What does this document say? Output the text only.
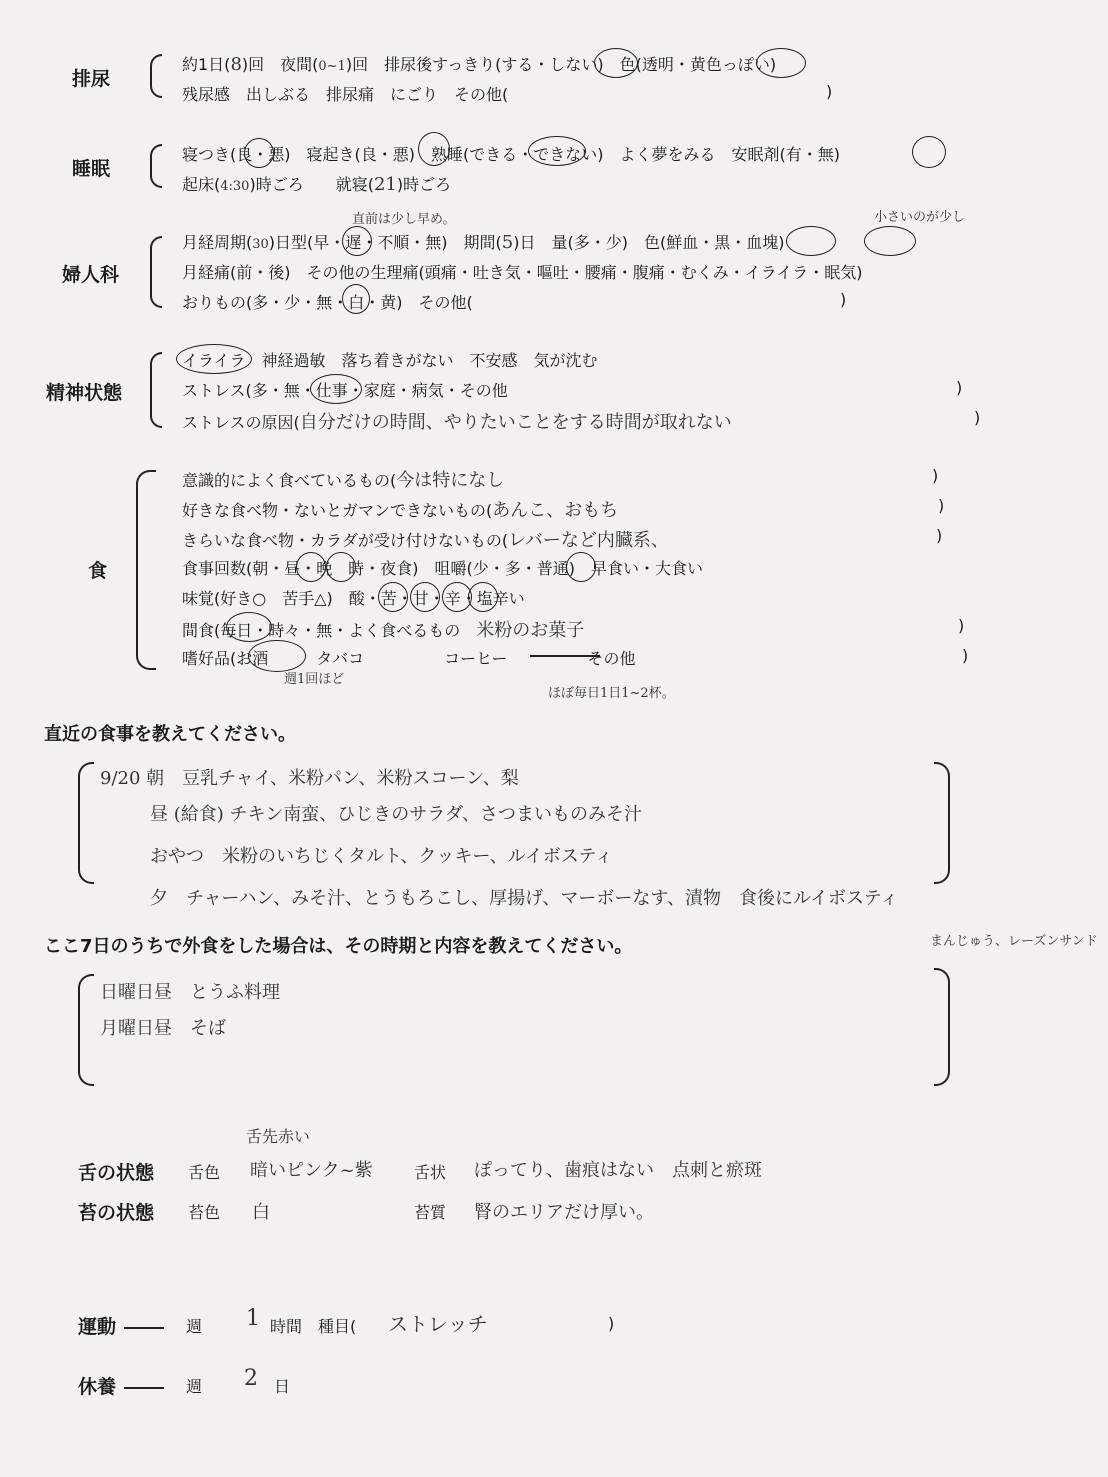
排尿
約1日(8)回　夜間(0~1)回　排尿後すっきり(する・しない)　色(透明・黄色っぽい)
残尿感　出しぶる　排尿痛　にごり　その他(	)
睡眠
寝つき(良・悪)　寝起き(良・悪)　熟睡(できる・できない)　よく夢をみる　安眠剤(有・無)
起床(4:30)時ごろ　　就寝(21)時ごろ
直前は少し早め。	小さいのが少し
婦人科
月経周期(30)日型(早・遅・不順・無)　期間(5)日　量(多・少)　色(鮮血・黒・血塊)
月経痛(前・後)　その他の生理痛(頭痛・吐き気・嘔吐・腰痛・腹痛・むくみ・イライラ・眠気)
おりもの(多・少・無・白・黄)　その他(	)
精神状態
イライラ　神経過敏　落ち着きがない　不安感　気が沈む
ストレス(多・無・仕事・家庭・病気・その他	)
ストレスの原因(自分だけの時間、やりたいことをする時間が取れない	)
食
意識的によく食べているもの(今は特になし	)
好きな食べ物・ないとガマンできないもの(あんこ、おもち	)
きらいな食べ物・カラダが受け付けないもの(レバーなど内臓系、	)
食事回数(朝・昼・晩　時・夜食)　咀嚼(少・多・普通)　早食い・大食い
味覚(好き○　苦手△)　酸・苦・甘・辛・塩辛い
間食(毎日・時々・無・よく食べるもの　 米粉のお菓子	)
嗜好品(お酒　　　タバコ　　　　　コーヒー　　　　　その他	)
週1回ほど
ほぼ毎日1日1~2杯。
直近の食事を教えてください。
9/20 朝　豆乳チャイ、米粉パン、米粉スコーン、梨
昼 (給食) チキン南蛮、ひじきのサラダ、さつまいものみそ汁
おやつ　米粉のいちじくタルト、クッキー、ルイボスティ
夕　チャーハン、みそ汁、とうもろこし、厚揚げ、マーボーなす、漬物　食後にルイボスティ
まんじゅう、レーズンサンド
ここ7日のうちで外食をした場合は、その時期と内容を教えてください。
日曜日昼　とうふ料理
月曜日昼　そば
舌先赤い
舌の状態 舌色 暗いピンク~紫	舌状 ぽってり、歯痕はない　点刺と瘀斑
苔の状態 苔色 白	苔質 腎のエリアだけ厚い。
運動	週 1 時間　種目( ストレッチ	)
休養	週 2 日
